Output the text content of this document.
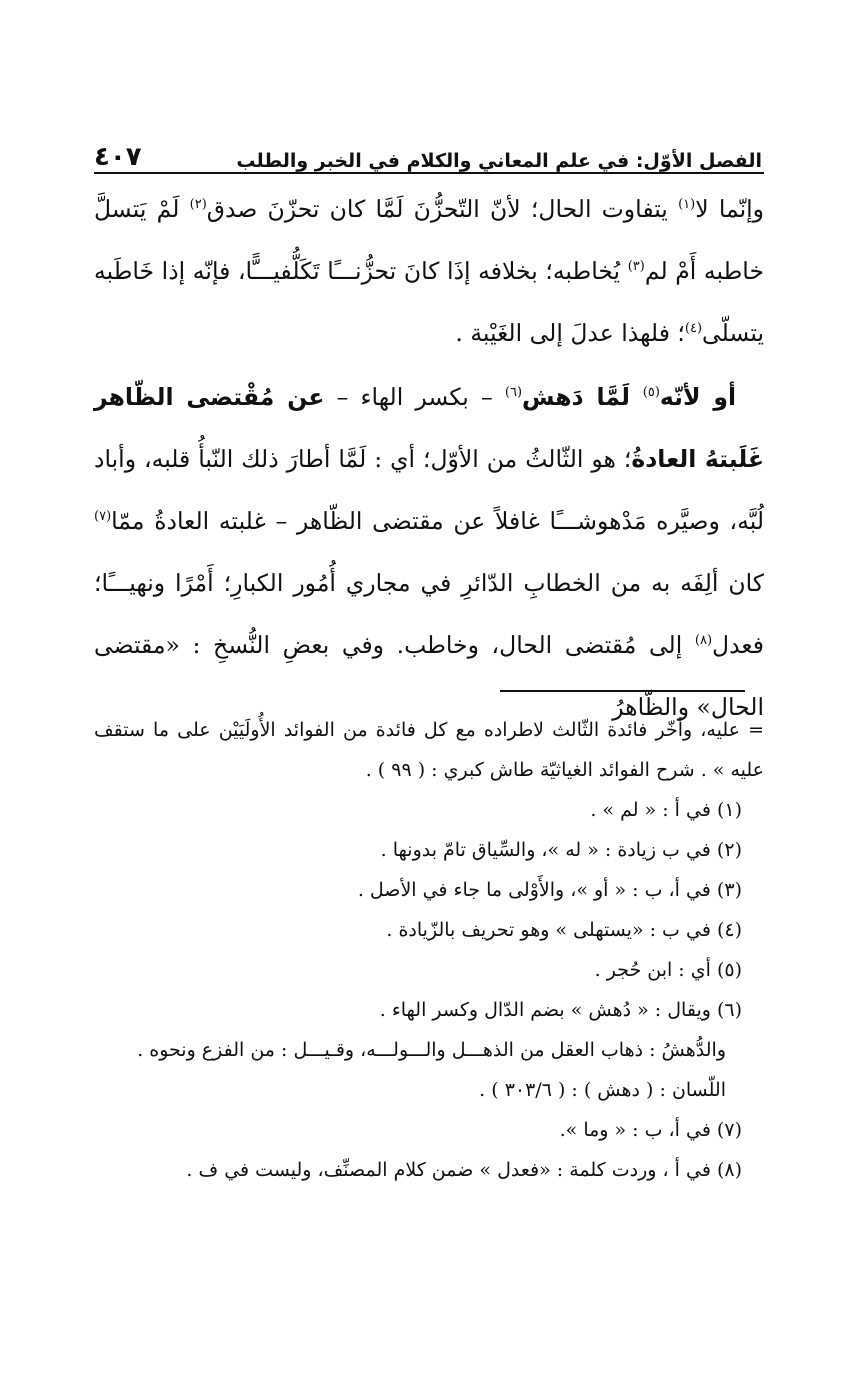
الفصل الأوّل: في علم المعاني والكلام في الخبر والطلب
٤٠٧

وإنّما لا$^{(١)}$ يتفاوت الحال؛ لأنّ التّحزُّنَ لَمَّا كان تحزّنَ صدق$^{(٢)}$ لَمْ يَتسلَّ خاطبه أَمْ لم$^{(٣)}$ يُخاطبه؛ بخلافه إذَا كانَ تحزُّنـــًا تَكَلُّفيـــًّا، فإنّه إذا خَاطَبه يتسلّى$^{(٤)}$؛ فلهذا عدلَ إلى الغَيْبة .

أو لأنّه$^{(٥)}$ لَمَّا دَهش$^{(٦)}$ – بكسر الهاء – عن مُقْتضى الظّاهر غَلَبتهُ العادةُ؛ هو الثّالثُ من الأوّل؛ أي : لَمَّا أطارَ ذلك النّبأُ قلبه، وأباد لُبَّه، وصيَّره مَدْهوشـــًا غافلاً عن مقتضى الظّاهر – غلبته العادةُ ممّا$^{(٧)}$ كان ألِفَه به من الخطابِ الدّائرِ في مجاري أُمُور الكبارِ؛ أَمْرًا ونهيـــًا؛ فعدل$^{(٨)}$ إلى مُقتضى الحال، وخاطب. وفي بعضِ النُّسخِ : «مقتضى الحال» والظّاهرُ

= عليه، وأخّر فائدة الثّالث لاطراده مع كل فائدة من الفوائد الأُولَيَيْن على ما ستقف عليه » . شرح الفوائد الغياثيّة طاش كبري : ( ٩٩ ) .

(١) في أ : « لم » .

(٢) في ب زيادة : « له »، والسِّياق تامّ بدونها .

(٣) في أ، ب : « أو »، والأَوْلى ما جاء في الأصل .

(٤) في ب : «يستهلى » وهو تحريف بالزّيادة .

(٥) أي : ابن حُجر .

(٦) ويقال : « دُهش » بضم الدّال وكسر الهاء .

والدُّهشُ : ذهاب العقل من الذهـــل والـــولـــه، وقـيـــل : من الفزع ونحوه .

اللّسان : ( دهش ) : ( ٣٠٣/٦ ) .

(٧) في أ، ب : « وما ».

(٨) في أ ، وردت كلمة : «فعدل » ضمن كلام المصنِّف، وليست في ف .
